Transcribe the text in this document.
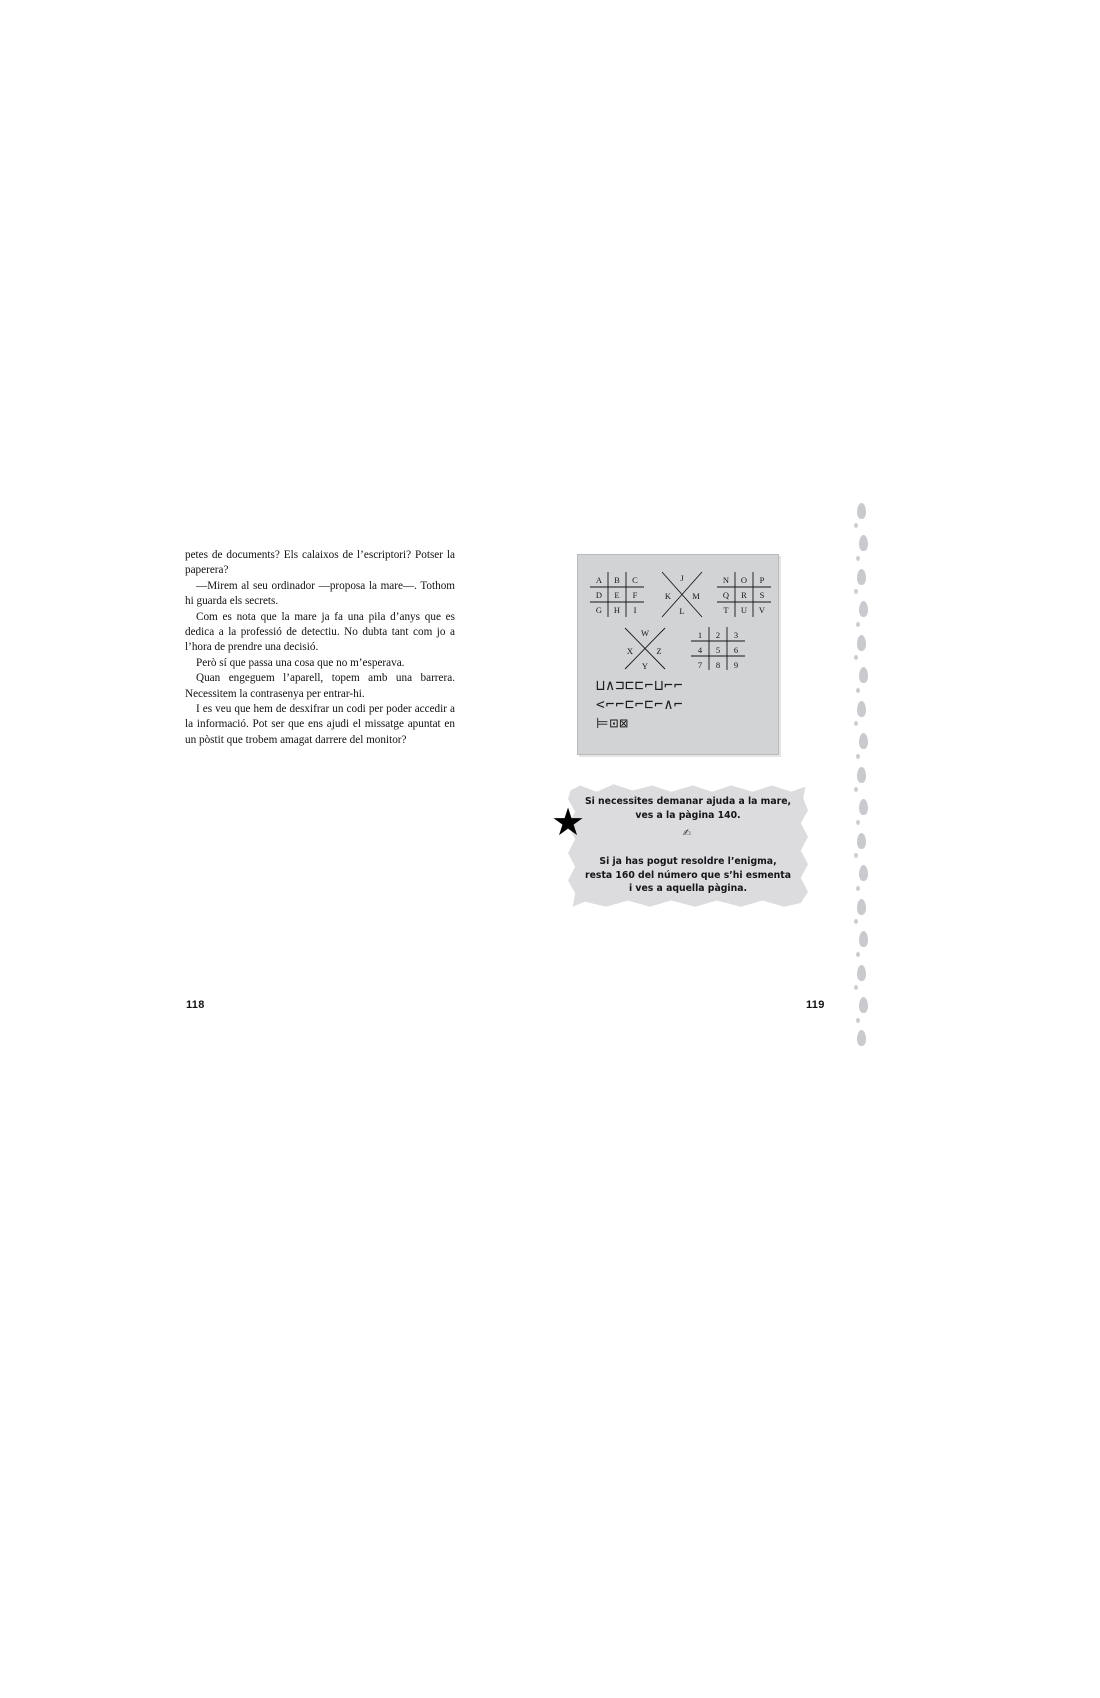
petes de documents? Els calaixos de l’escriptori? Potser la paperera?

—Mirem al seu ordinador —proposa la mare—. Tothom hi guarda els secrets.

Com es nota que la mare ja fa una pila d’anys que es dedica a la professió de detectiu. No dubta tant com jo a l’hora de prendre una decisió.

Però sí que passa una cosa que no m’esperava.

Quan engeguem l’aparell, topem amb una barrera. Necessitem la contrasenya per entrar-hi.

I es veu que hem de desxifrar un codi per poder accedir a la informació. Pot ser que ens ajudi el missatge apuntat en un pòstit que trobem amagat darrere del monitor?

118
A B C
D E F
G H I
J
K M
L
N O P
Q R S
T U V
W
X	Z
Y
1 2 3
4 5 6
7 8 9
⊔∧⊐⊏⊏⌐⊔⌐⌐
<⌐⌐⊏⌐⊏⌐∧⌐
⊨⊡⊠
Si necessites demanar ajuda a la mare,
ves a la pàgina 140.
✍
Si ja has pogut resoldre l’enigma,
resta 160 del número que s’hi esmenta
i ves a aquella pàgina.
★
119
